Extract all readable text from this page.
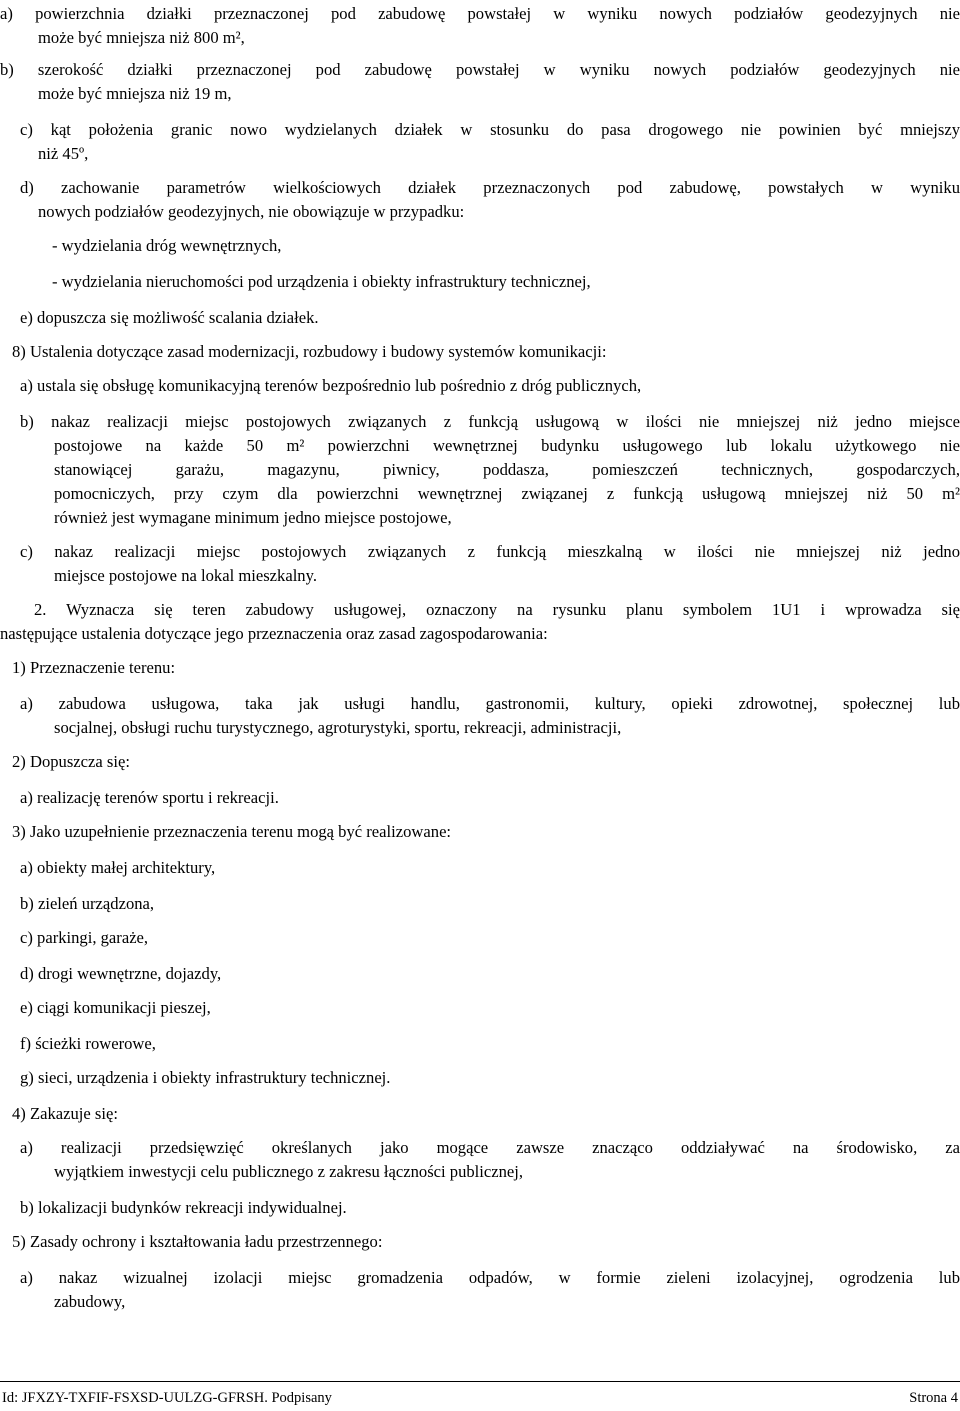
a) powierzchnia działki przeznaczonej pod zabudowę powstałej w wyniku nowych podziałów geodezyjnych nie
może być mniejsza niż 800 m²,
b) szerokość działki przeznaczonej pod zabudowę powstałej w wyniku nowych podziałów geodezyjnych nie
może być mniejsza niż 19 m,
c) kąt położenia granic nowo wydzielanych działek w stosunku do pasa drogowego nie powinien być mniejszy
niż 45º,
d) zachowanie parametrów wielkościowych działek przeznaczonych pod zabudowę, powstałych w wyniku
nowych podziałów geodezyjnych, nie obowiązuje w przypadku:
- wydzielania dróg wewnętrznych,
- wydzielania nieruchomości pod urządzenia i obiekty infrastruktury technicznej,
e) dopuszcza się możliwość scalania działek.
8) Ustalenia dotyczące zasad modernizacji, rozbudowy i budowy systemów komunikacji:
a) ustala się obsługę komunikacyjną terenów bezpośrednio lub pośrednio z dróg publicznych,
b) nakaz realizacji miejsc postojowych związanych z funkcją usługową w ilości nie mniejszej niż jedno miejsce
postojowe na każde 50 m² powierzchni wewnętrznej budynku usługowego lub lokalu użytkowego nie
stanowiącej garażu, magazynu, piwnicy, poddasza, pomieszczeń technicznych, gospodarczych,
pomocniczych, przy czym dla powierzchni wewnętrznej związanej z funkcją usługową mniejszej niż 50 m²
również jest wymagane minimum jedno miejsce postojowe,
c) nakaz realizacji miejsc postojowych związanych z funkcją mieszkalną w ilości nie mniejszej niż jedno
miejsce postojowe na lokal mieszkalny.
2. Wyznacza się teren zabudowy usługowej, oznaczony na rysunku planu symbolem 1U1 i wprowadza się
następujące ustalenia dotyczące jego przeznaczenia oraz zasad zagospodarowania:
1) Przeznaczenie terenu:
a) zabudowa usługowa, taka jak usługi handlu, gastronomii, kultury, opieki zdrowotnej, społecznej lub
socjalnej, obsługi ruchu turystycznego, agroturystyki, sportu, rekreacji, administracji,
2) Dopuszcza się:
a) realizację terenów sportu i rekreacji.
3) Jako uzupełnienie przeznaczenia terenu mogą być realizowane:
a) obiekty małej architektury,
b) zieleń urządzona,
c) parkingi, garaże,
d) drogi wewnętrzne, dojazdy,
e) ciągi komunikacji pieszej,
f) ścieżki rowerowe,
g) sieci, urządzenia i obiekty infrastruktury technicznej.
4) Zakazuje się:
a) realizacji przedsięwzięć określanych jako mogące zawsze znacząco oddziaływać na środowisko, za
wyjątkiem inwestycji celu publicznego z zakresu łączności publicznej,
b) lokalizacji budynków rekreacji indywidualnej.
5) Zasady ochrony i kształtowania ładu przestrzennego:
a) nakaz wizualnej izolacji miejsc gromadzenia odpadów, w formie zieleni izolacyjnej, ogrodzenia lub
zabudowy,
Id: JFXZY-TXFIF-FSXSD-UULZG-GFRSH. Podpisany	Strona 4
